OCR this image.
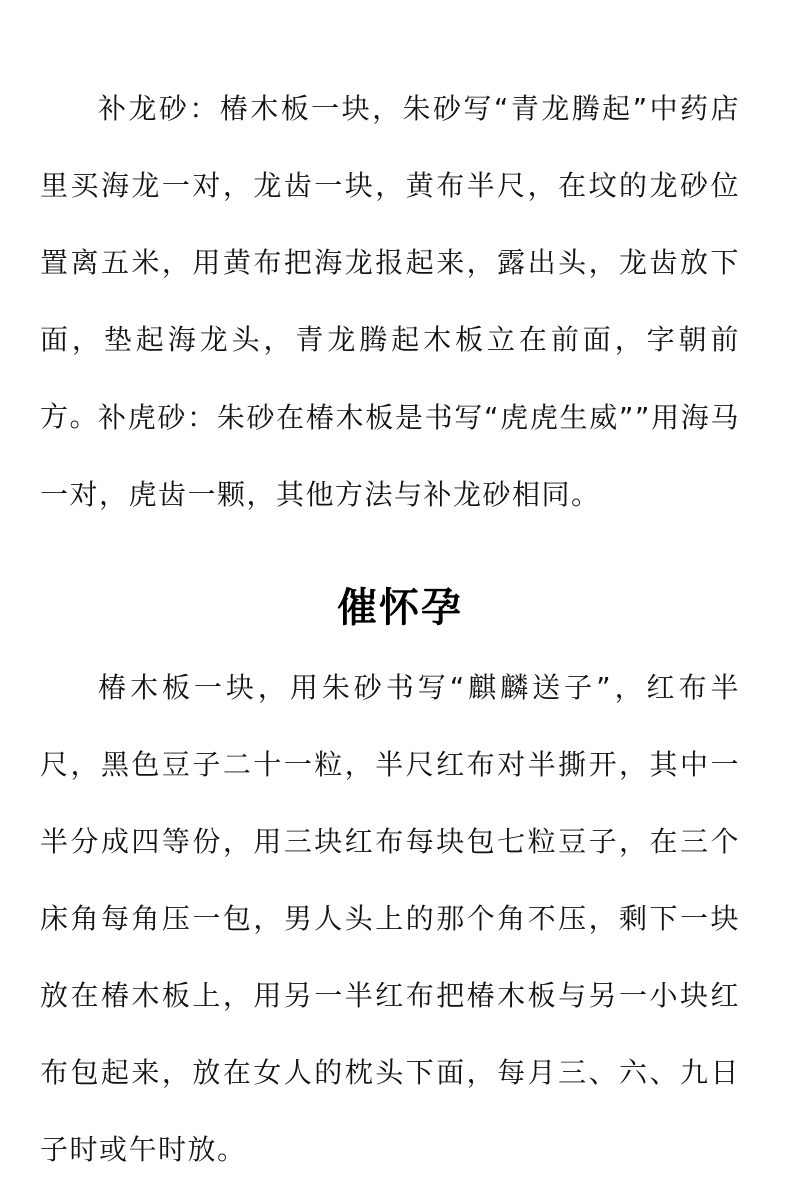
补龙砂：椿木板一块，朱砂写“青龙腾起”中药店里买海龙一对，龙齿一块，黄布半尺，在坟的龙砂位置离五米，用黄布把海龙报起来，露出头，龙齿放下面，垫起海龙头，青龙腾起木板立在前面，字朝前方。

补虎砂：朱砂在椿木板是书写“虎虎生威””用海马一对，虎齿一颗，其他方法与补龙砂相同。

催怀孕

椿木板一块，用朱砂书写“麒麟送子”，红布半尺，黑色豆子二十一粒，半尺红布对半撕开，其中一半分成四等份，用三块红布每块包七粒豆子，在三个床角每角压一包，男人头上的那个角不压，剩下一块放在椿木板上，用另一半红布把椿木板与另一小块红布包起来，放在女人的枕头下面，每月三、六、九日子时或午时放。
